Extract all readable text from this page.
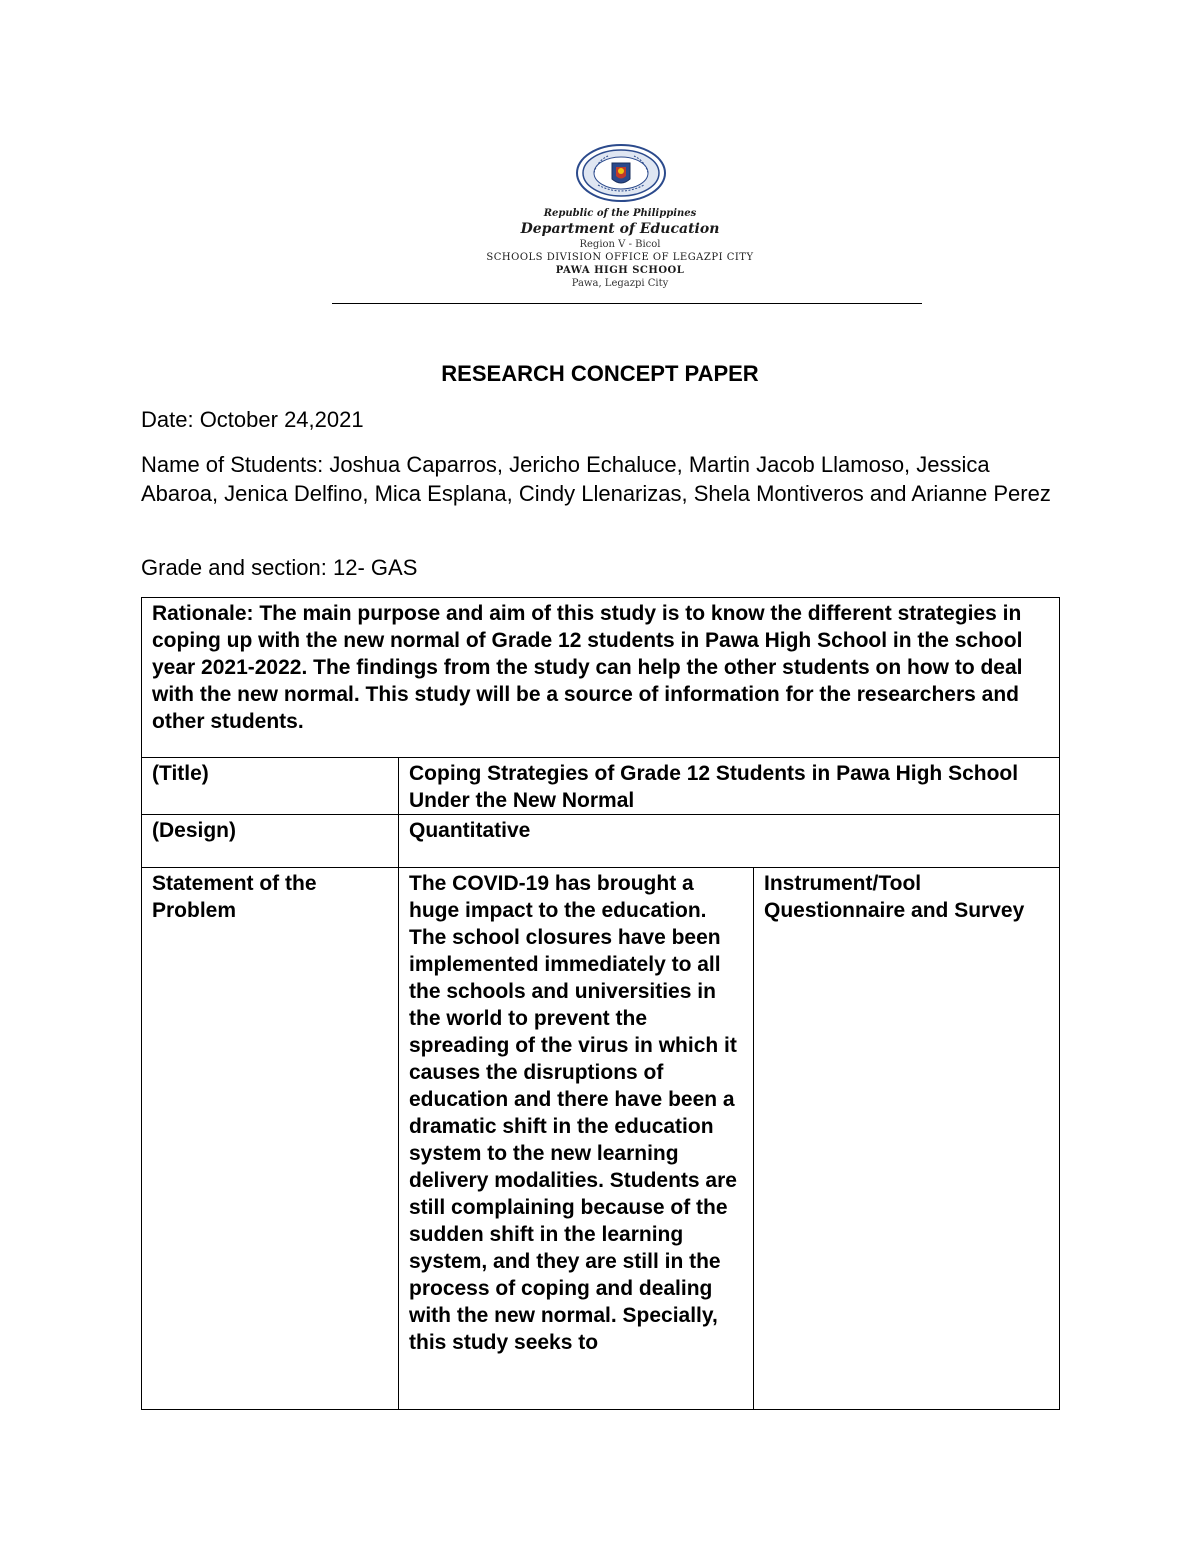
Republic of the Philippines
Department of Education
Region V - Bicol
SCHOOLS DIVISION OFFICE OF LEGAZPI CITY
PAWA HIGH SCHOOL
Pawa, Legazpi City
RESEARCH CONCEPT PAPER
Date: October 24,2021
Name of Students: Joshua Caparros, Jericho Echaluce, Martin Jacob Llamoso, Jessica Abaroa, Jenica Delfino, Mica Esplana, Cindy Llenarizas, Shela Montiveros and Arianne Perez
Grade and section: 12- GAS
Rationale: The main purpose and aim of this study is to know the different strategies in coping up with the new normal of Grade 12 students in Pawa High School in the school year 2021-2022. The findings from the study can help the other students on how to deal with the new normal. This study will be a source of information for the researchers and other students.		

(Title)	Coping Strategies of Grade 12 Students in Pawa High School Under the New Normal	

(Design)	Quantitative	

Statement of the Problem	The COVID-19 has brought a huge impact to the education. The school closures have been implemented immediately to all the schools and universities in the world to prevent the spreading of the virus in which it causes the disruptions of education and there have been a dramatic shift in the education system to the new learning delivery modalities. Students are still complaining because of the sudden shift in the learning system, and they are still in the process of coping and dealing with the new normal. Specially, this study seeks to	Instrument/Tool
Questionnaire and Survey
